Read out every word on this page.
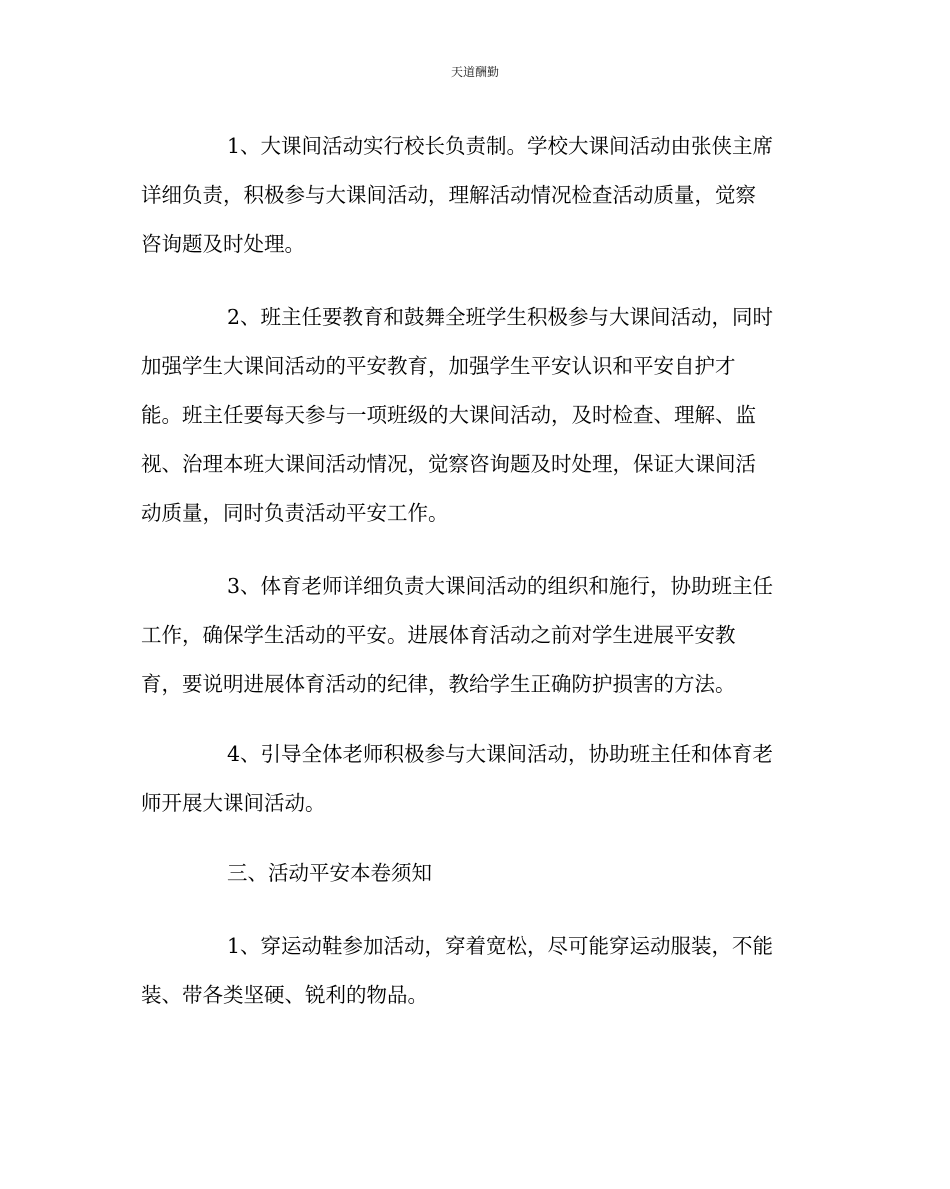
天道酬勤
1、大课间活动实行校长负责制。学校大课间活动由张侠主席
详细负责，积极参与大课间活动，理解活动情况检查活动质量，觉察
咨询题及时处理。
2、班主任要教育和鼓舞全班学生积极参与大课间活动，同时
加强学生大课间活动的平安教育，加强学生平安认识和平安自护才
能。班主任要每天参与一项班级的大课间活动，及时检查、理解、监
视、治理本班大课间活动情况，觉察咨询题及时处理，保证大课间活
动质量，同时负责活动平安工作。
3、体育老师详细负责大课间活动的组织和施行，协助班主任
工作，确保学生活动的平安。进展体育活动之前对学生进展平安教
育，要说明进展体育活动的纪律，教给学生正确防护损害的方法。
4、引导全体老师积极参与大课间活动，协助班主任和体育老
师开展大课间活动。
三、活动平安本卷须知
1、穿运动鞋参加活动，穿着宽松，尽可能穿运动服装，不能
装、带各类坚硬、锐利的物品。
